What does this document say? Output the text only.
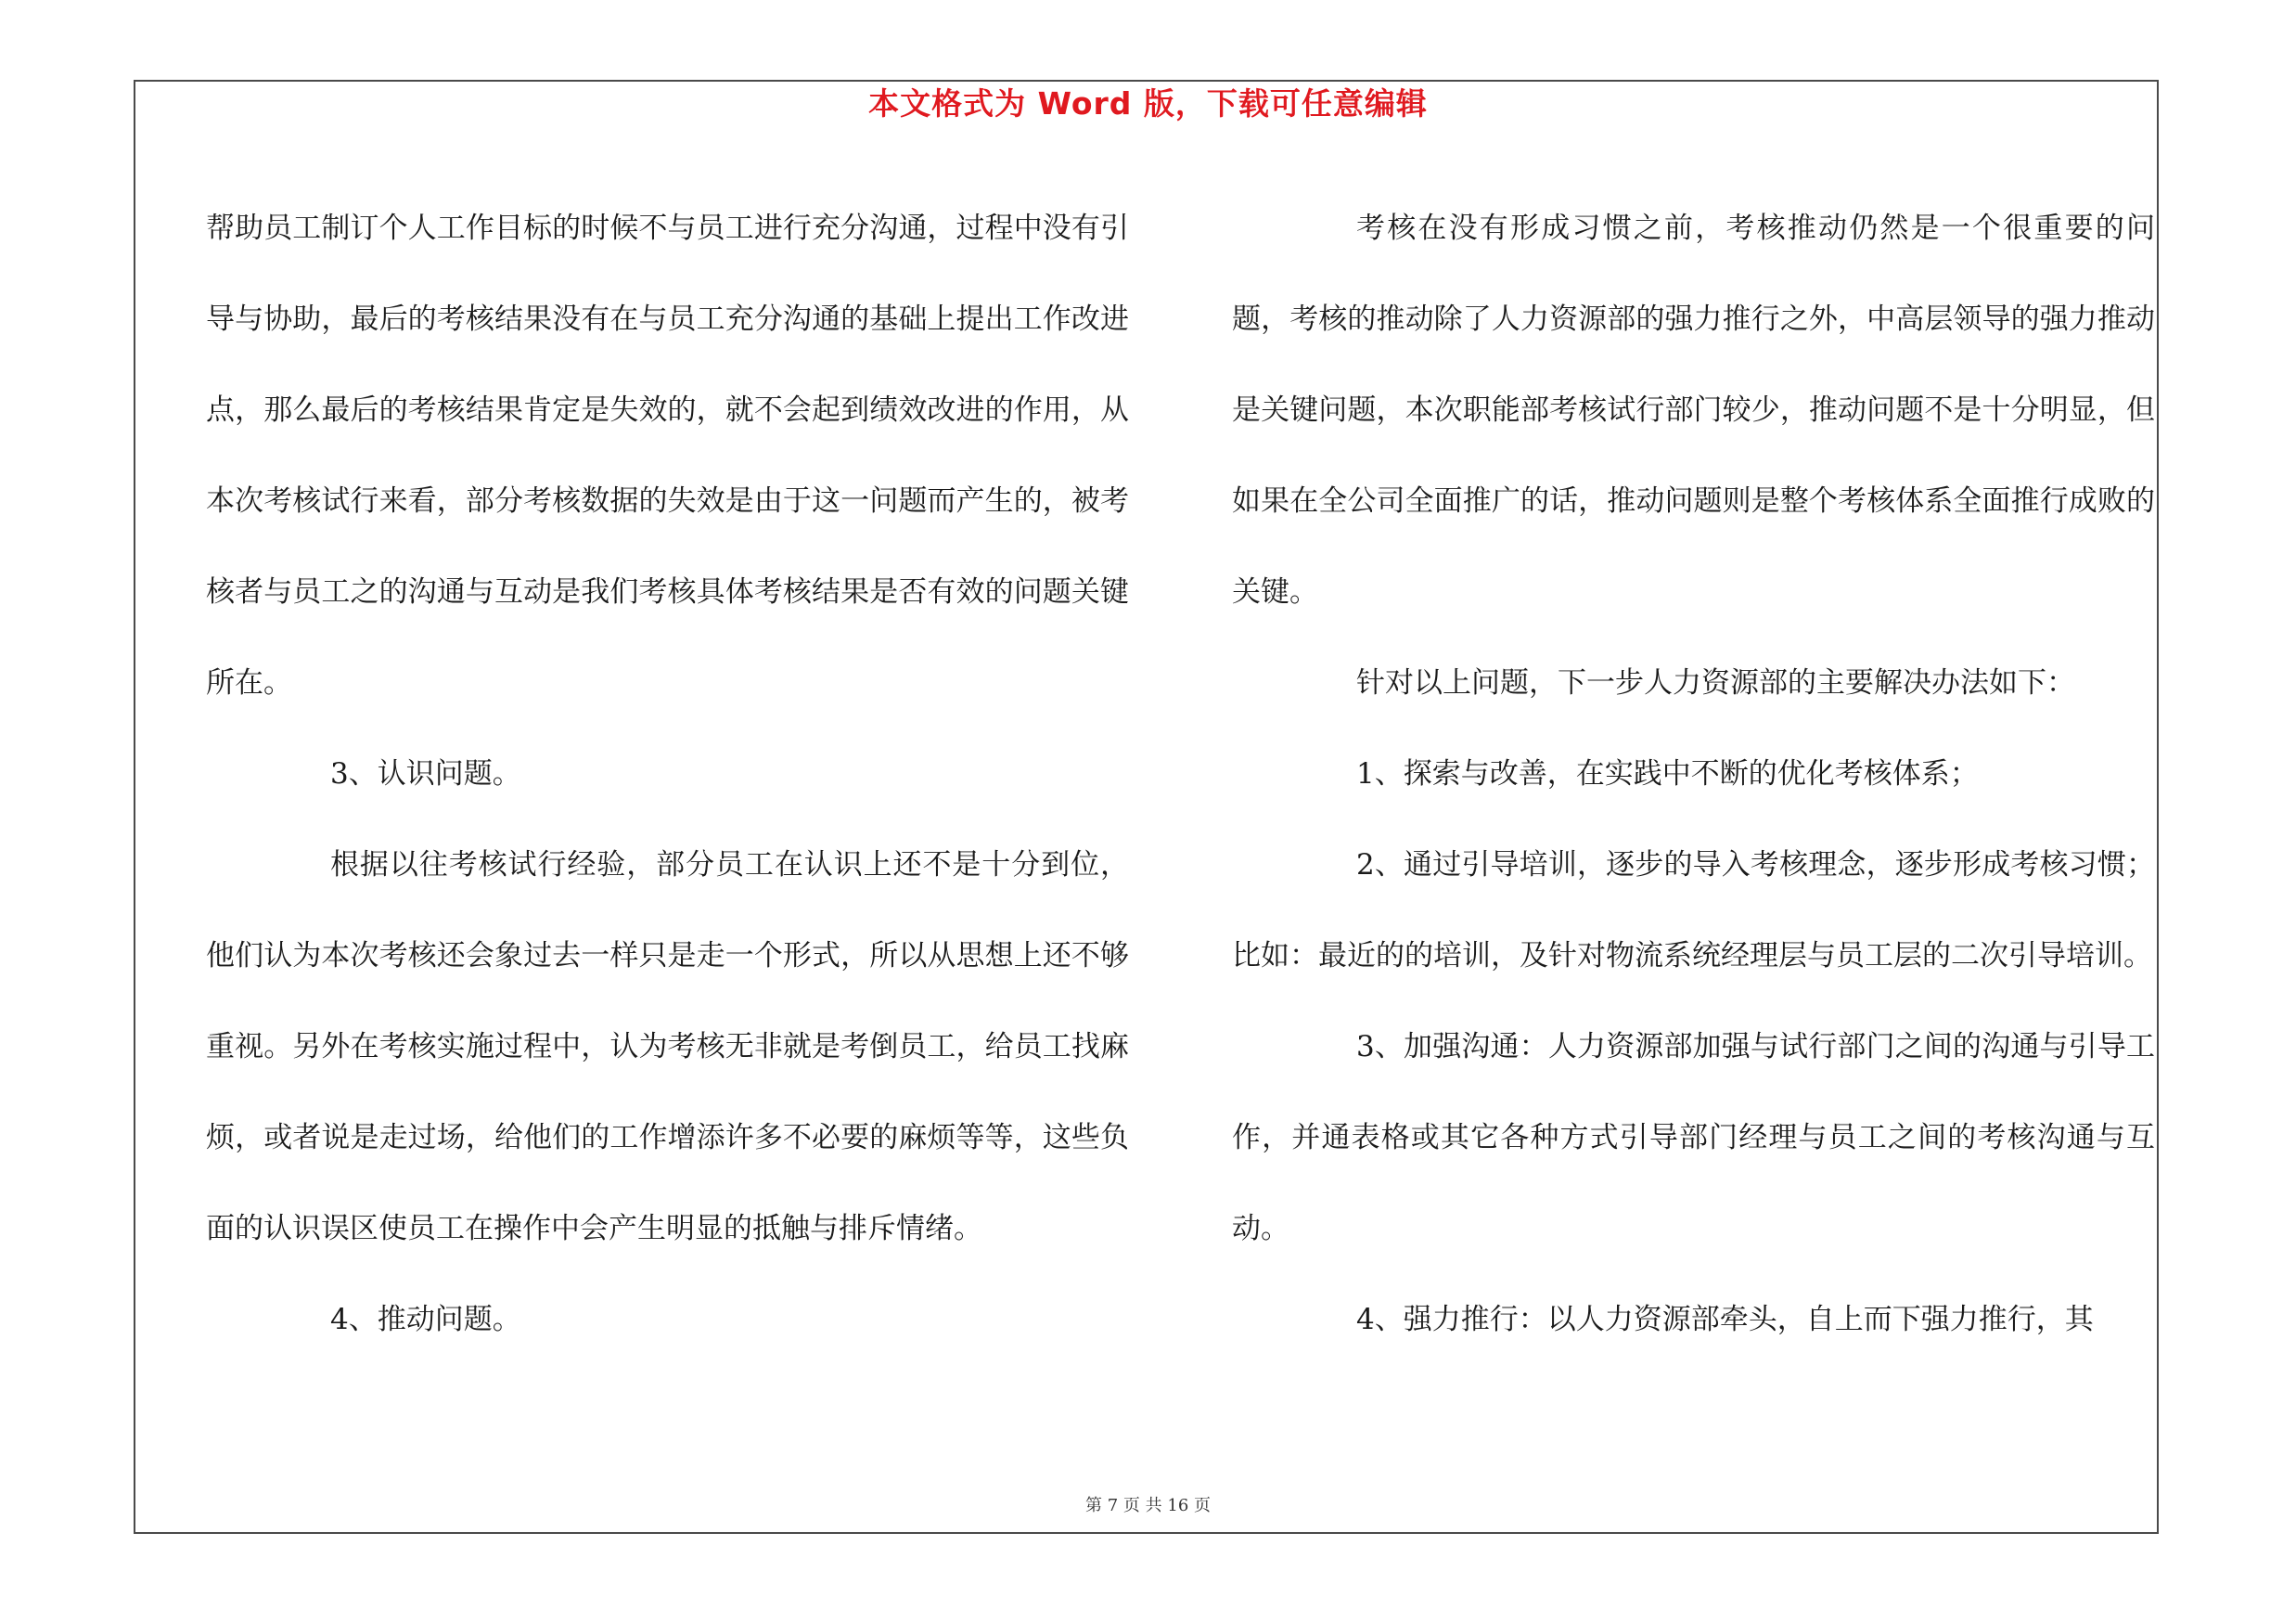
本文格式为 Word 版，下载可任意编辑

帮助员工制订个人工作目标的时候不与员工进行充分沟通，过程中没有引导与协助，最后的考核结果没有在与员工充分沟通的基础上提出工作改进点，那么最后的考核结果肯定是失效的，就不会起到绩效改进的作用，从本次考核试行来看，部分考核数据的失效是由于这一问题而产生的，被考核者与员工之的沟通与互动是我们考核具体考核结果是否有效的问题关键所在。

3、认识问题。

根据以往考核试行经验，部分员工在认识上还不是十分到位，他们认为本次考核还会象过去一样只是走一个形式，所以从思想上还不够重视。另外在考核实施过程中，认为考核无非就是考倒员工，给员工找麻烦，或者说是走过场，给他们的工作增添许多不必要的麻烦等等，这些负面的认识误区使员工在操作中会产生明显的抵触与排斥情绪。

4、推动问题。

考核在没有形成习惯之前，考核推动仍然是一个很重要的问题，考核的推动除了人力资源部的强力推行之外，中高层领导的强力推动是关键问题，本次职能部考核试行部门较少，推动问题不是十分明显，但如果在全公司全面推广的话，推动问题则是整个考核体系全面推行成败的关键。

针对以上问题，下一步人力资源部的主要解决办法如下：

1、探索与改善，在实践中不断的优化考核体系；

2、通过引导培训，逐步的导入考核理念，逐步形成考核习惯；比如：最近的的培训，及针对物流系统经理层与员工层的二次引导培训。

3、加强沟通：人力资源部加强与试行部门之间的沟通与引导工作，并通表格或其它各种方式引导部门经理与员工之间的考核沟通与互动。

4、强力推行：以人力资源部牵头，自上而下强力推行，其

第 7 页 共 16 页
